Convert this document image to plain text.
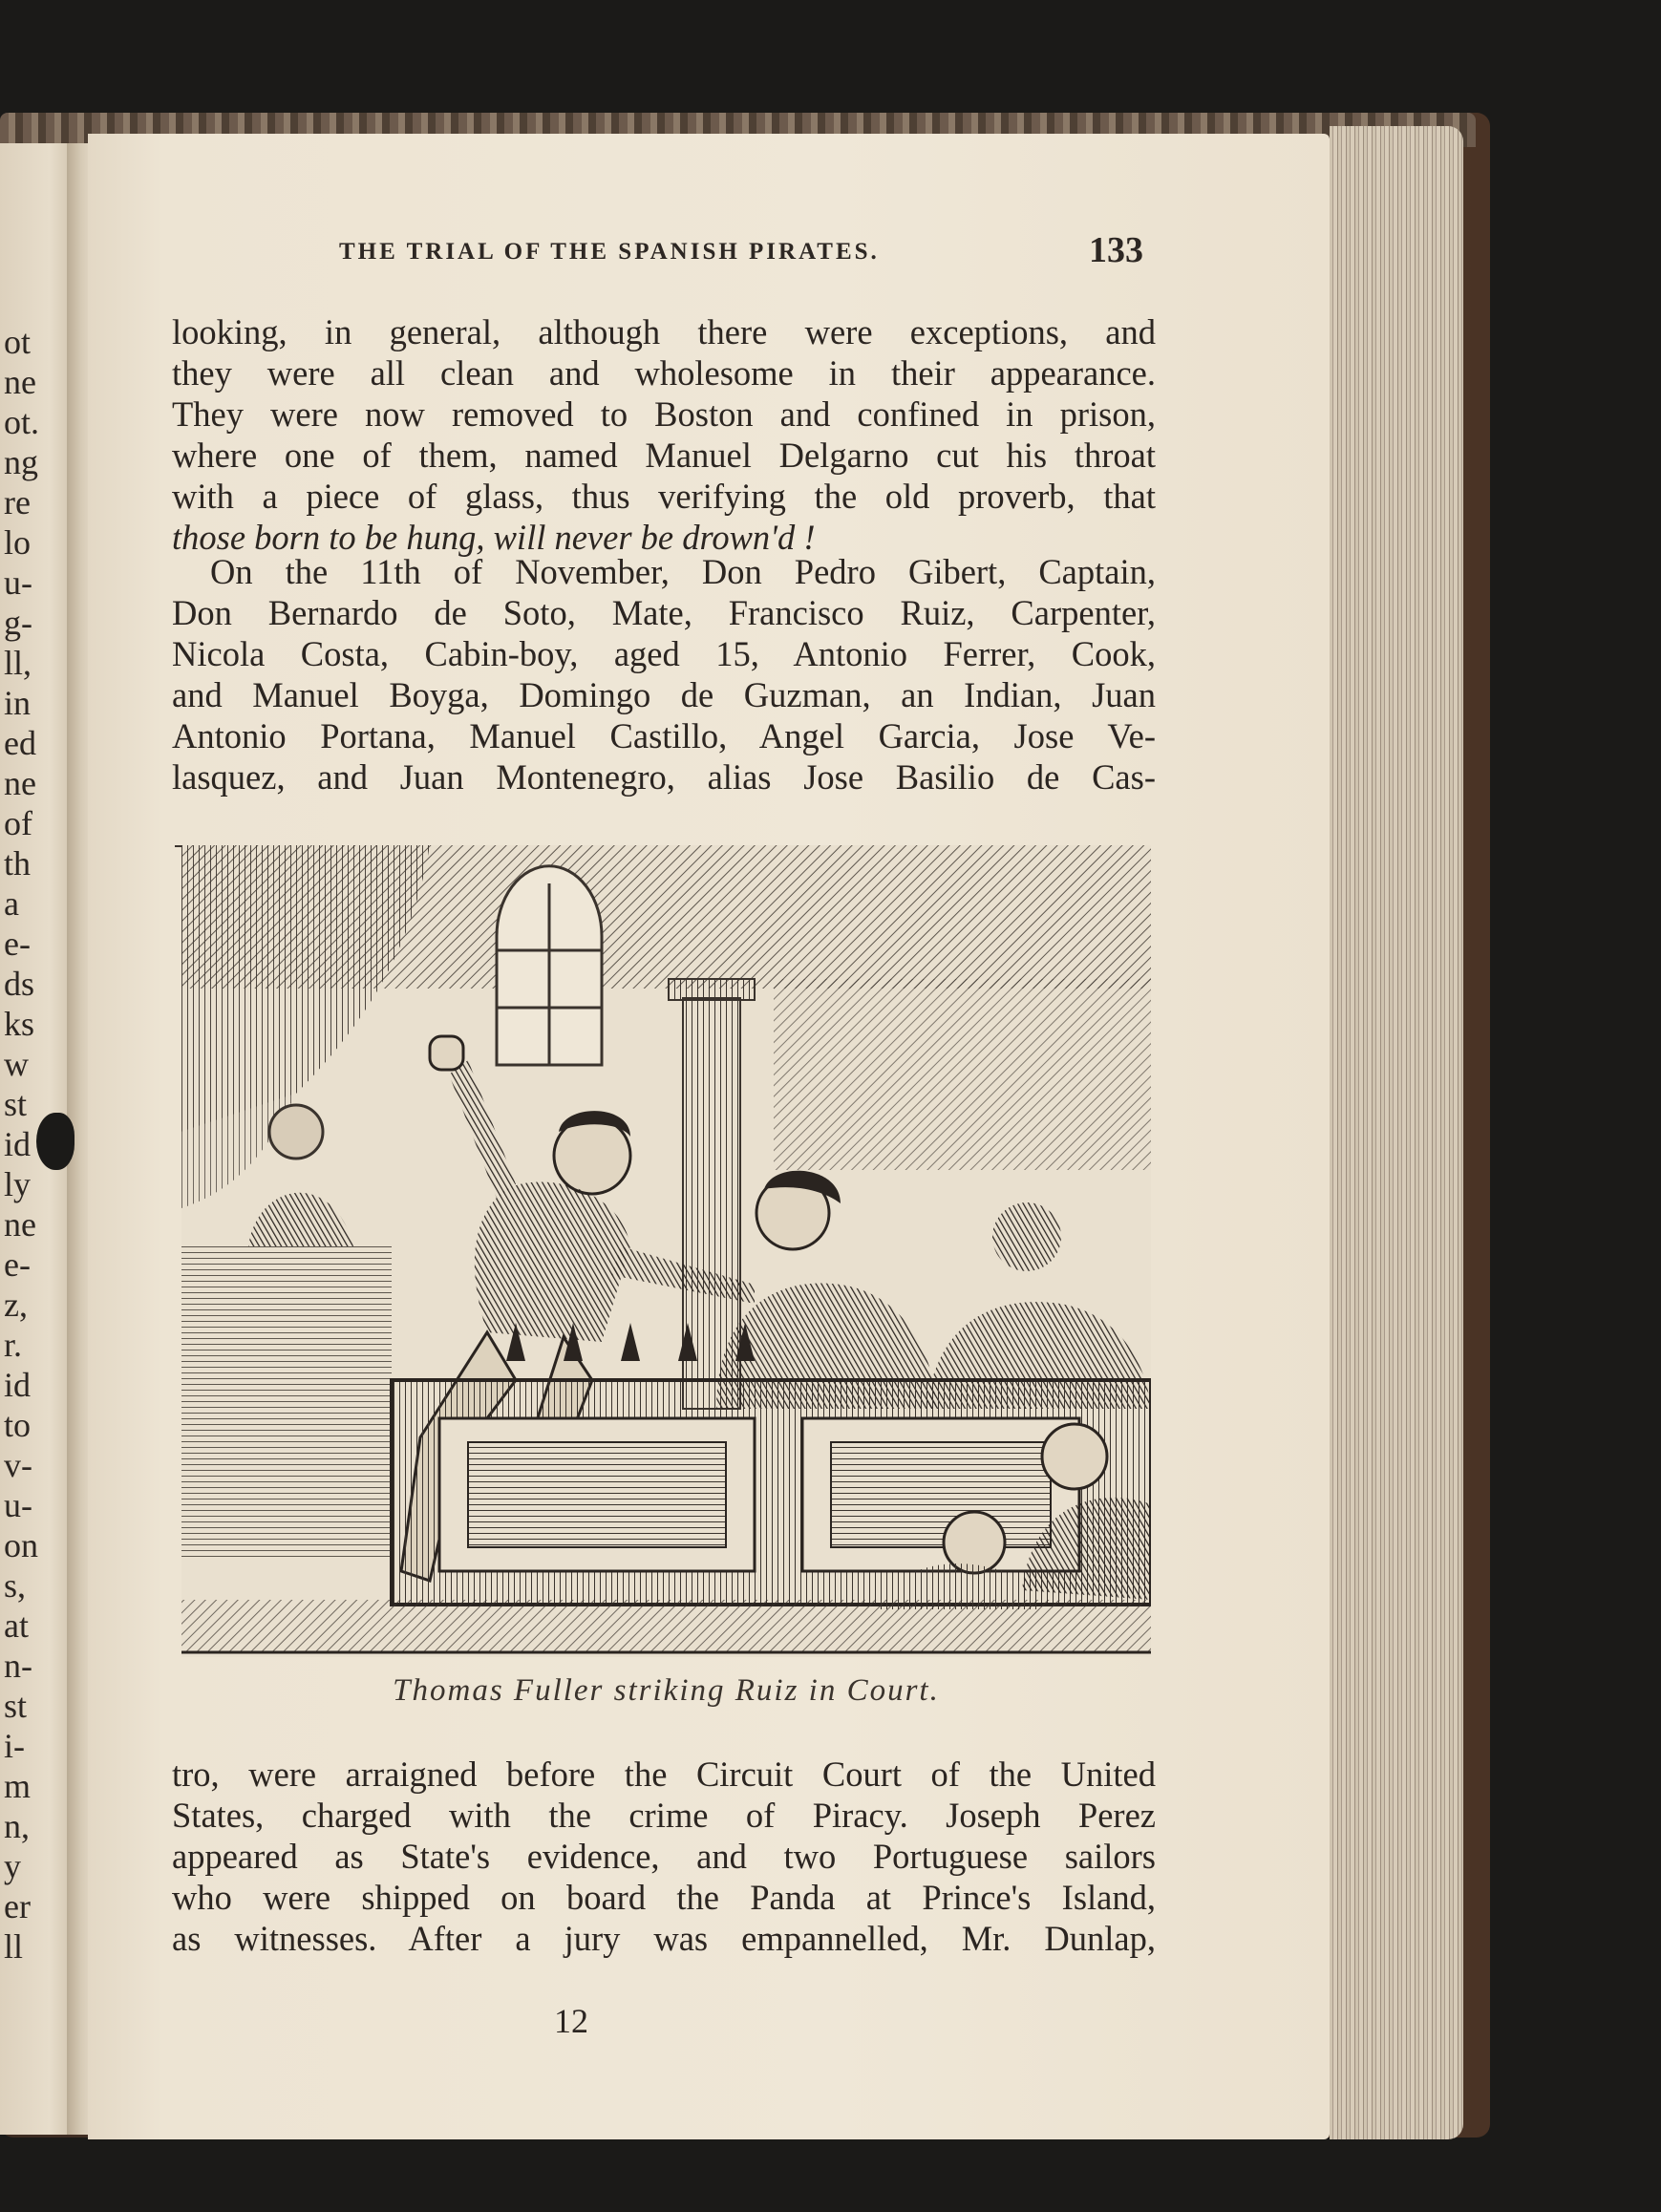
ot
ne
ot.
ng
re
lo
u-
g-
ll,
in
ed
ne
of
th
a
e-
ds
ks
w
st
id
ly
ne
e-
z,
r.
id
to
v-
u-
on
s,
at
n-
st
i-
m
n,
y
er
ll
THE TRIAL OF THE SPANISH PIRATES.	133
looking, in general, although there were exceptions, and
they were all clean and wholesome in their appearance.
They were now removed to Boston and confined in prison,
where one of them, named Manuel Delgarno cut his throat
with a piece of glass, thus verifying the old proverb, that
those born to be hung, will never be drown'd !
On the 11th of November, Don Pedro Gibert, Captain,
Don Bernardo de Soto, Mate, Francisco Ruiz, Carpenter,
Nicola Costa, Cabin-boy, aged 15, Antonio Ferrer, Cook,
and Manuel Boyga, Domingo de Guzman, an Indian, Juan
Antonio Portana, Manuel Castillo, Angel Garcia, Jose Ve-
lasquez, and Juan Montenegro, alias Jose Basilio de Cas-
Thomas Fuller striking Ruiz in Court.
tro, were arraigned before the Circuit Court of the United
States, charged with the crime of Piracy. Joseph Perez
appeared as State's evidence, and two Portuguese sailors
who were shipped on board the Panda at Prince's Island,
as witnesses. After a jury was empannelled, Mr. Dunlap,
12
